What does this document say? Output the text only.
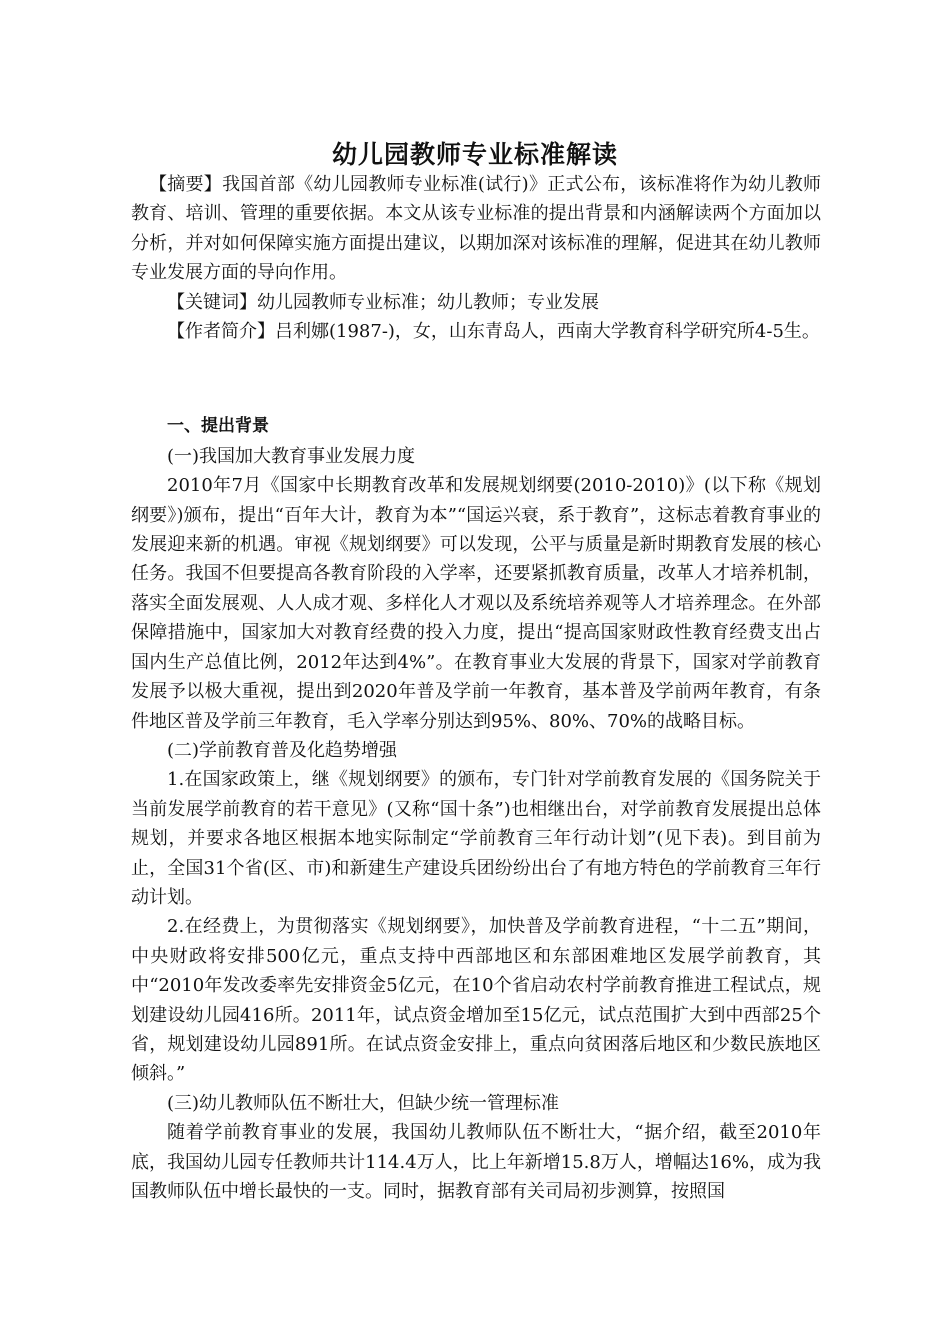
幼儿园教师专业标准解读

【摘要】我国首部《幼儿园教师专业标准(试行)》正式公布，该标准将作为幼儿教师教育、培训、管理的重要依据。本文从该专业标准的提出背景和内涵解读两个方面加以分析，并对如何保障实施方面提出建议，以期加深对该标准的理解，促进其在幼儿教师专业发展方面的导向作用。

【关键词】幼儿园教师专业标准；幼儿教师；专业发展

【作者简介】吕利娜(1987-)，女，山东青岛人，西南大学教育科学研究所4-5生。

一、提出背景

(一)我国加大教育事业发展力度

2010年7月《国家中长期教育改革和发展规划纲要(2010-2010)》(以下称《规划纲要》)颁布，提出“百年大计，教育为本”“国运兴衰，系于教育”，这标志着教育事业的发展迎来新的机遇。审视《规划纲要》可以发现，公平与质量是新时期教育发展的核心任务。我国不但要提高各教育阶段的入学率，还要紧抓教育质量，改革人才培养机制，落实全面发展观、人人成才观、多样化人才观以及系统培养观等人才培养理念。在外部保障措施中，国家加大对教育经费的投入力度，提出“提高国家财政性教育经费支出占国内生产总值比例，2012年达到4%”。在教育事业大发展的背景下，国家对学前教育发展予以极大重视，提出到2020年普及学前一年教育，基本普及学前两年教育，有条件地区普及学前三年教育，毛入学率分别达到95%、80%、70%的战略目标。

(二)学前教育普及化趋势增强

1.在国家政策上，继《规划纲要》的颁布，专门针对学前教育发展的《国务院关于当前发展学前教育的若干意见》(又称“国十条”)也相继出台，对学前教育发展提出总体规划，并要求各地区根据本地实际制定“学前教育三年行动计划”(见下表)。到目前为止，全国31个省(区、市)和新建生产建设兵团纷纷出台了有地方特色的学前教育三年行动计划。

2.在经费上，为贯彻落实《规划纲要》，加快普及学前教育进程，“十二五”期间，中央财政将安排500亿元，重点支持中西部地区和东部困难地区发展学前教育，其中“2010年发改委率先安排资金5亿元，在10个省启动农村学前教育推进工程试点，规划建设幼儿园416所。2011年，试点资金增加至15亿元，试点范围扩大到中西部25个省，规划建设幼儿园891所。在试点资金安排上，重点向贫困落后地区和少数民族地区倾斜。”

(三)幼儿教师队伍不断壮大，但缺少统一管理标准

随着学前教育事业的发展，我国幼儿教师队伍不断壮大，“据介绍，截至2010年底，我国幼儿园专任教师共计114.4万人，比上年新增15.8万人，增幅达16%，成为我国教师队伍中增长最快的一支。同时，据教育部有关司局初步测算，按照国
